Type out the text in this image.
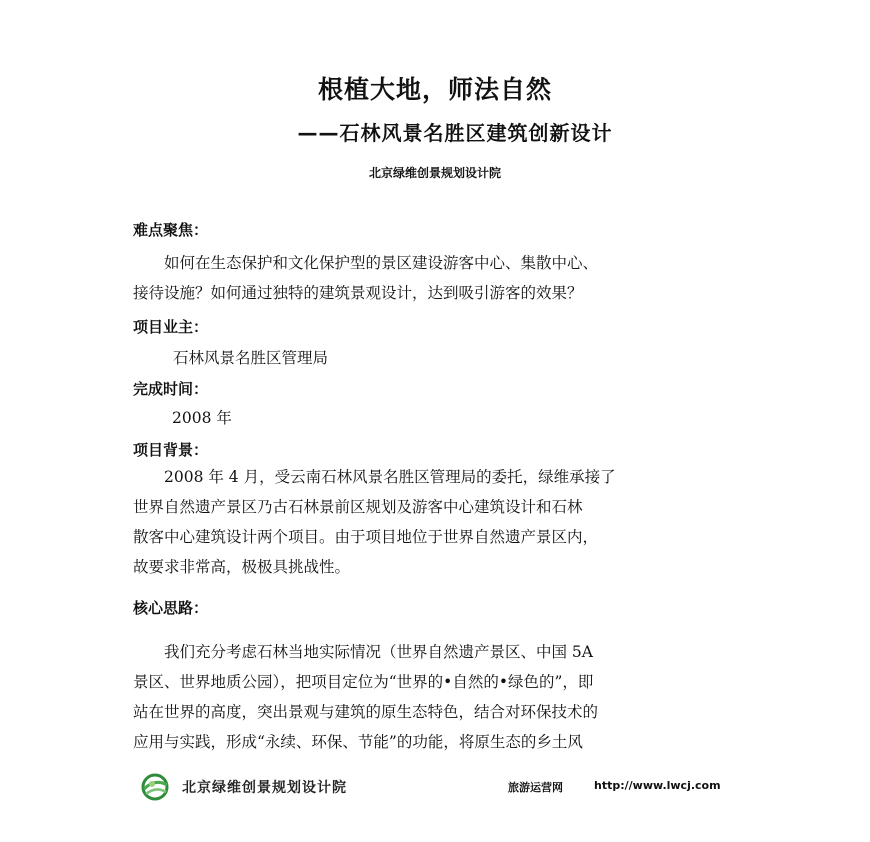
根植大地，师法自然
——石林风景名胜区建筑创新设计
北京绿维创景规划设计院
难点聚焦：
如何在生态保护和文化保护型的景区建设游客中心、集散中心、
接待设施？如何通过独特的建筑景观设计，达到吸引游客的效果？
项目业主：
石林风景名胜区管理局
完成时间：
2008 年
项目背景：
2008 年 4 月，受云南石林风景名胜区管理局的委托，绿维承接了
世界自然遗产景区乃古石林景前区规划及游客中心建筑设计和石林
散客中心建筑设计两个项目。由于项目地位于世界自然遗产景区内，
故要求非常高，极极具挑战性。
核心思路：
我们充分考虑石林当地实际情况（世界自然遗产景区、中国 5A
景区、世界地质公园），把项目定位为“世界的•自然的•绿色的”，即
站在世界的高度，突出景观与建筑的原生态特色，结合对环保技术的
应用与实践，形成“永续、环保、节能”的功能，将原生态的乡土风
北京绿维创景规划设计院	旅游运营网	http://www.lwcj.com
